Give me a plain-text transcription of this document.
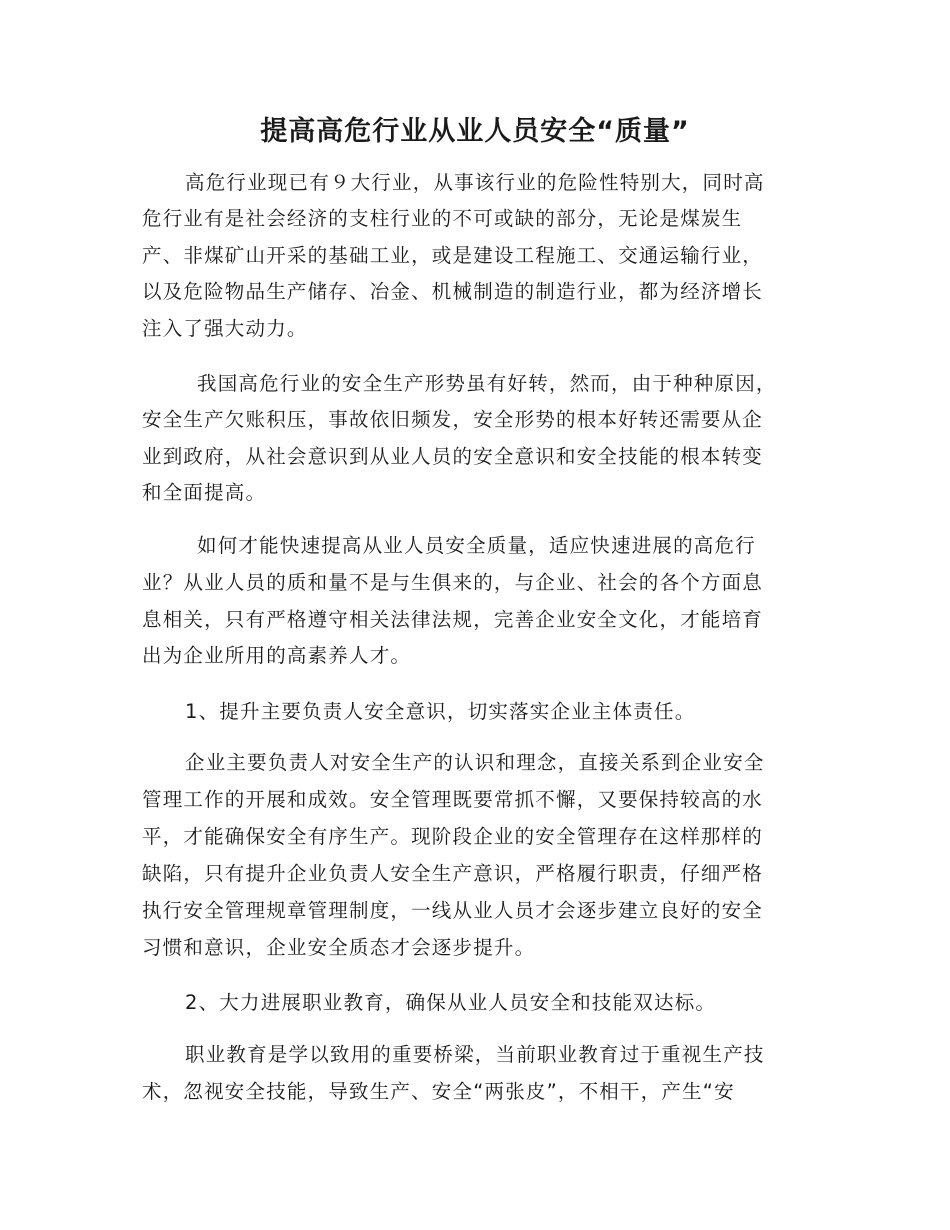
提高高危行业从业人员安全“质量”
高危行业现已有９大行业，从事该行业的危险性特别大，同时高
危行业有是社会经济的支柱行业的不可或缺的部分，无论是煤炭生
产、非煤矿山开采的基础工业，或是建设工程施工、交通运输行业，
以及危险物品生产储存、冶金、机械制造的制造行业，都为经济增长
注入了强大动力。
我国高危行业的安全生产形势虽有好转，然而，由于种种原因，
安全生产欠账积压，事故依旧频发，安全形势的根本好转还需要从企
业到政府，从社会意识到从业人员的安全意识和安全技能的根本转变
和全面提高。
如何才能快速提高从业人员安全质量，适应快速进展的高危行
业？从业人员的质和量不是与生俱来的，与企业、社会的各个方面息
息相关，只有严格遵守相关法律法规，完善企业安全文化，才能培育
出为企业所用的高素养人才。
1、提升主要负责人安全意识，切实落实企业主体责任。
企业主要负责人对安全生产的认识和理念，直接关系到企业安全
管理工作的开展和成效。安全管理既要常抓不懈，又要保持较高的水
平，才能确保安全有序生产。现阶段企业的安全管理存在这样那样的
缺陷，只有提升企业负责人安全生产意识，严格履行职责，仔细严格
执行安全管理规章管理制度，一线从业人员才会逐步建立良好的安全
习惯和意识，企业安全质态才会逐步提升。
2、大力进展职业教育，确保从业人员安全和技能双达标。
职业教育是学以致用的重要桥梁，当前职业教育过于重视生产技
术，忽视安全技能，导致生产、安全“两张皮”，不相干，产生“安
